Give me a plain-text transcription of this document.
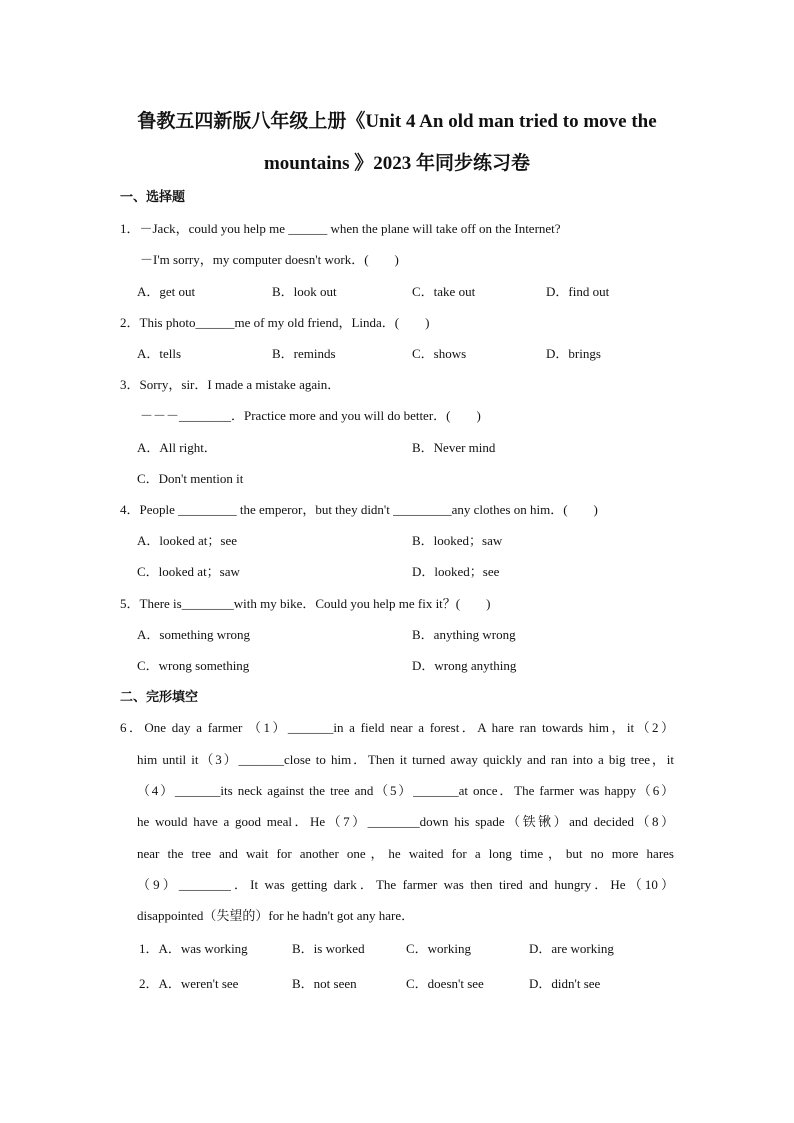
鲁教五四新版八年级上册《Unit 4 An old man tried to move the
mountains 》2023 年同步练习卷
一、选择题
1．－Jack，could you help me ______ when the plane will take off on the Internet?
－I'm sorry，my computer doesn't work．(　　)
A．get out	B．look out	C．take out	D．find out
2．This photo______me of my old friend，Linda．(　　)
A．tells	B．reminds	C．shows	D．brings
3．Sorry，sir．I made a mistake again．
－－－________．Practice more and you will do better．(　　)
A．All right．	B．Never mind
C．Don't mention it
4．People _________ the emperor，but they didn't _________any clothes on him．(　　)
A．looked at；see	B．looked；saw
C．looked at；saw	D．looked；see
5．There is________with my bike．Could you help me fix it？(　　)
A．something wrong	B．anything wrong
C．wrong something	D．wrong anything
二、完形填空
6．One day a farmer （1）_______in a field near a forest．A hare ran towards him，it（2）
him until it（3）_______close to him．Then it turned away quickly and ran into a big tree，it
（4）_______its neck against the tree and（5）_______at once．The farmer was happy（6）
he would have a good meal．He（7）________down his spade（铁锹）and decided（8）
near the tree and wait for another one，he waited for a long time，but no more hares
（9）________．It was getting dark．The farmer was then tired and hungry．He（10）
disappointed（失望的）for he hadn't got any hare．
1．A．was working	B．is worked	C．working	D．are working
2．A．weren't see	B．not seen	C．doesn't see	D．didn't see
